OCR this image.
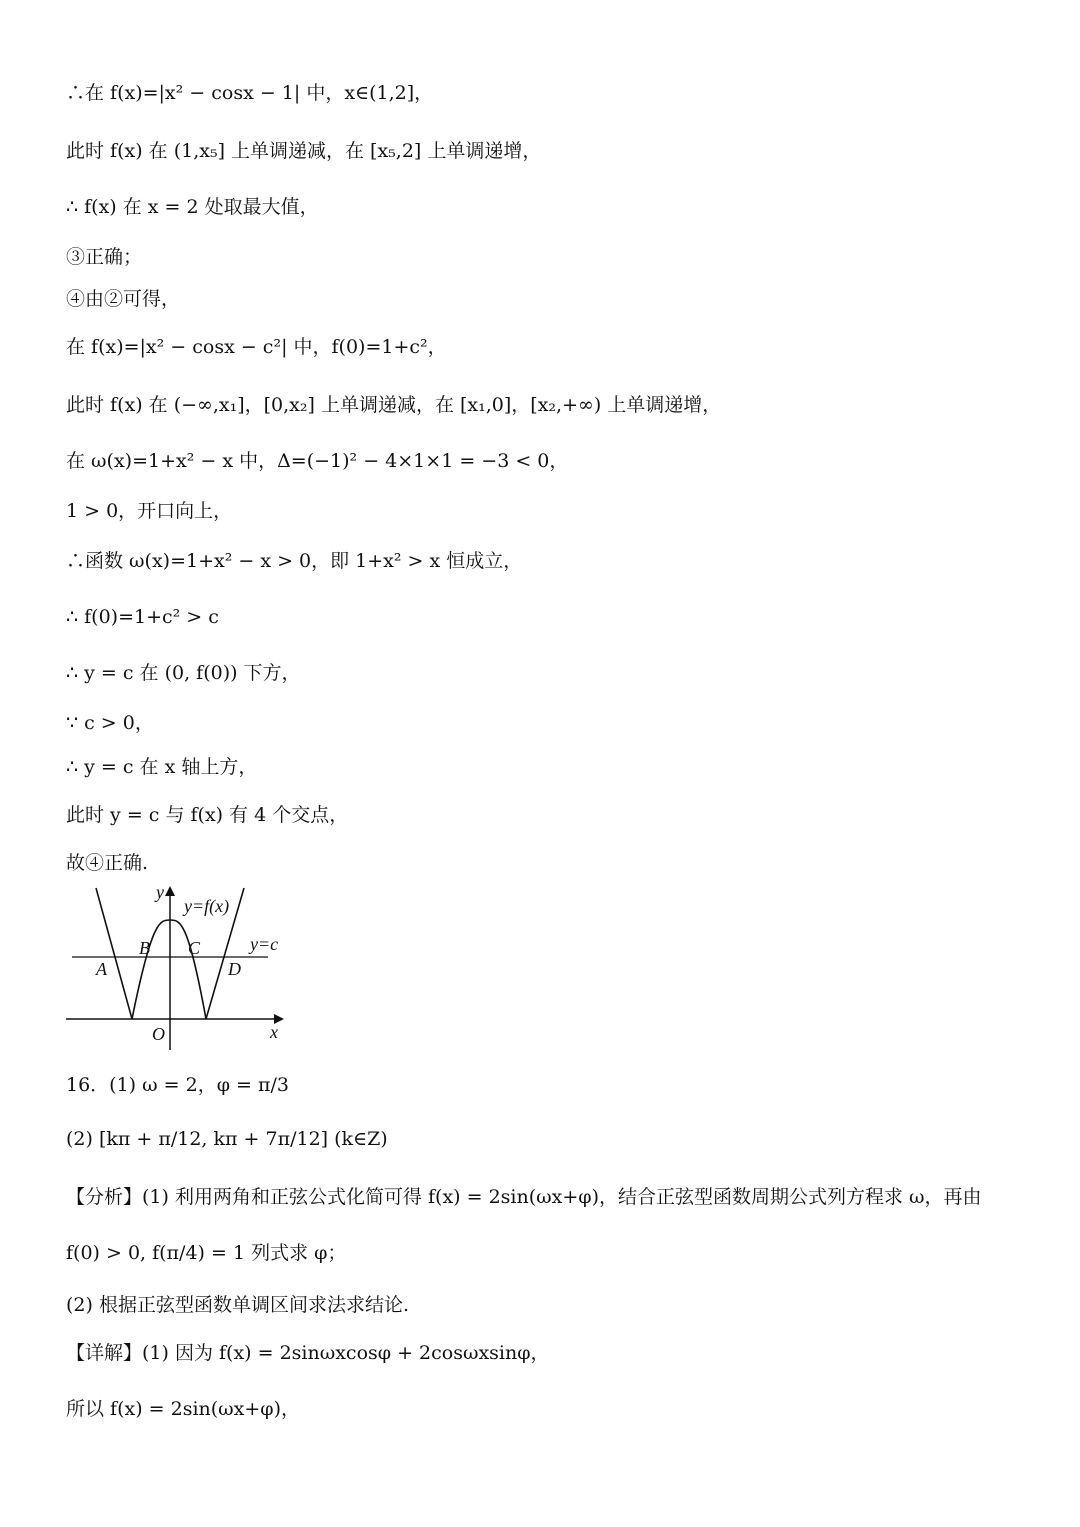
∴在 f(x)=|x² − cosx − 1| 中，x∈(1,2]，
此时 f(x) 在 (1,x₅] 上单调递减，在 [x₅,2] 上单调递增，
∴ f(x) 在 x = 2 处取最大值，
③正确；
④由②可得，
在 f(x)=|x² − cosx − c²| 中，f(0)=1+c²，
此时 f(x) 在 (−∞,x₁]，[0,x₂] 上单调递减，在 [x₁,0]，[x₂,+∞) 上单调递增，
在 ω(x)=1+x² − x 中，Δ=(−1)² − 4×1×1 = −3 < 0，
1 > 0，开口向上，
∴函数 ω(x)=1+x² − x > 0，即 1+x² > x 恒成立，
∴ f(0)=1+c² > c
∴ y = c 在 (0, f(0)) 下方，
∵ c > 0，
∴ y = c 在 x 轴上方，
此时 y = c 与 f(x) 有 4 个交点，
故④正确.
y
x
O
y=f(x)
y=c
A
B C
D
16．(1) ω = 2，φ = π/3
(2) [kπ + π/12, kπ + 7π/12] (k∈Z)
【分析】(1) 利用两角和正弦公式化简可得 f(x) = 2sin(ωx+φ)，结合正弦型函数周期公式列方程求 ω，再由
f(0) > 0, f(π/4) = 1 列式求 φ；
(2) 根据正弦型函数单调区间求法求结论.
【详解】(1) 因为 f(x) = 2sinωxcosφ + 2cosωxsinφ，
所以 f(x) = 2sin(ωx+φ)，
